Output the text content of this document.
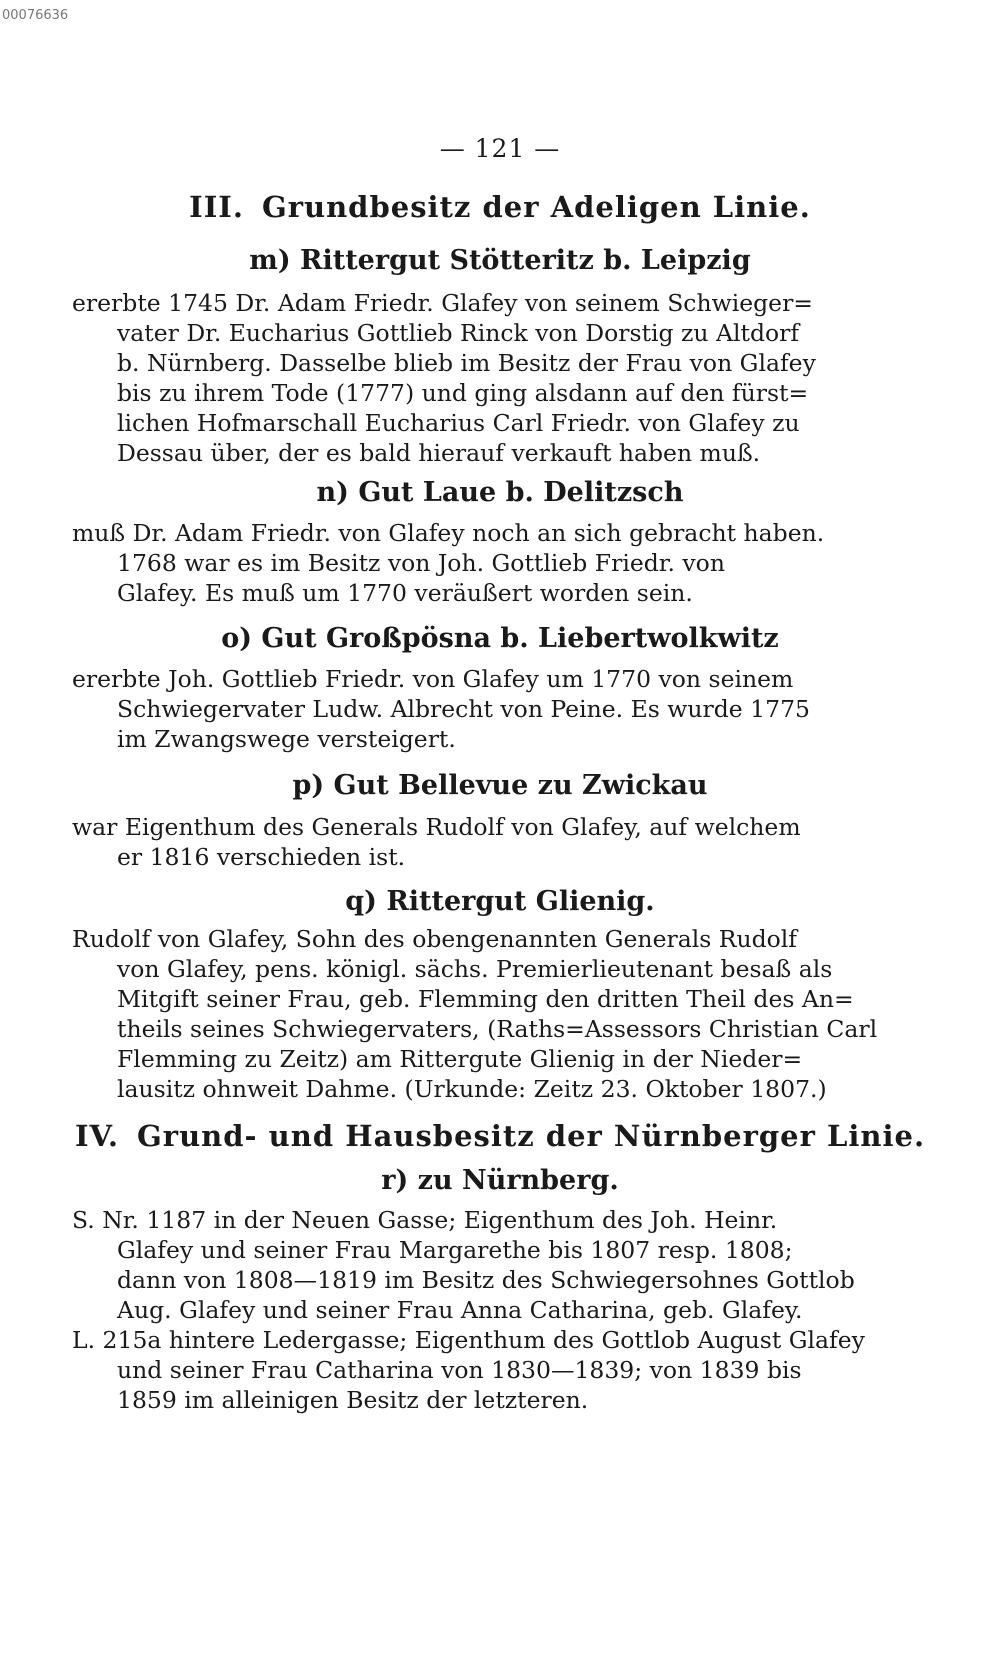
00076636
— 121 —
III. Grundbesitz der Adeligen Linie.
m) Rittergut Stötteritz b. Leipzig
ererbte 1745 Dr. Adam Friedr. Glafey von seinem Schwieger=
vater Dr. Eucharius Gottlieb Rinck von Dorstig zu Altdorf
b. Nürnberg. Dasselbe blieb im Besitz der Frau von Glafey
bis zu ihrem Tode (1777) und ging alsdann auf den fürst=
lichen Hofmarschall Eucharius Carl Friedr. von Glafey zu
Dessau über, der es bald hierauf verkauft haben muß.
n) Gut Laue b. Delitzsch
muß Dr. Adam Friedr. von Glafey noch an sich gebracht haben.
1768 war es im Besitz von Joh. Gottlieb Friedr. von
Glafey. Es muß um 1770 veräußert worden sein.
o) Gut Großpösna b. Liebertwolkwitz
ererbte Joh. Gottlieb Friedr. von Glafey um 1770 von seinem
Schwiegervater Ludw. Albrecht von Peine. Es wurde 1775
im Zwangswege versteigert.
p) Gut Bellevue zu Zwickau
war Eigenthum des Generals Rudolf von Glafey, auf welchem
er 1816 verschieden ist.
q) Rittergut Glienig.
Rudolf von Glafey, Sohn des obengenannten Generals Rudolf
von Glafey, pens. königl. sächs. Premierlieutenant besaß als
Mitgift seiner Frau, geb. Flemming den dritten Theil des An=
theils seines Schwiegervaters, (Raths=Assessors Christian Carl
Flemming zu Zeitz) am Rittergute Glienig in der Nieder=
lausitz ohnweit Dahme. (Urkunde: Zeitz 23. Oktober 1807.)
IV. Grund- und Hausbesitz der Nürnberger Linie.
r) zu Nürnberg.
S. Nr. 1187 in der Neuen Gasse; Eigenthum des Joh. Heinr.
Glafey und seiner Frau Margarethe bis 1807 resp. 1808;
dann von 1808—1819 im Besitz des Schwiegersohnes Gottlob
Aug. Glafey und seiner Frau Anna Catharina, geb. Glafey.
L. 215a hintere Ledergasse; Eigenthum des Gottlob August Glafey
und seiner Frau Catharina von 1830—1839; von 1839 bis
1859 im alleinigen Besitz der letzteren.
